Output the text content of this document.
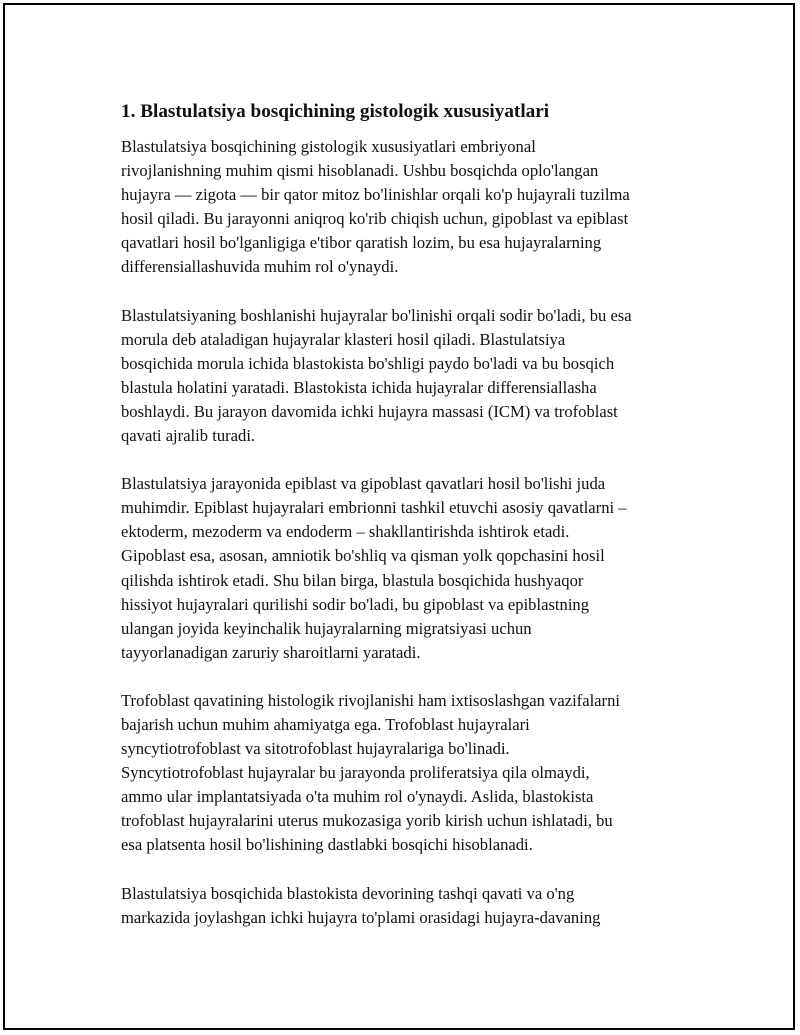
1. Blastulatsiya bosqichining gistologik xususiyatlari

Blastulatsiya bosqichining gistologik xususiyatlari embriyonal
rivojlanishning muhim qismi hisoblanadi. Ushbu bosqichda oplo'langan
hujayra — zigota — bir qator mitoz bo'linishlar orqali ko'p hujayrali tuzilma
hosil qiladi. Bu jarayonni aniqroq ko'rib chiqish uchun, gipoblast va epiblast
qavatlari hosil bo'lganligiga e'tibor qaratish lozim, bu esa hujayralarning
differensiallashuvida muhim rol o'ynaydi.

Blastulatsiyaning boshlanishi hujayralar bo'linishi orqali sodir bo'ladi, bu esa
morula deb ataladigan hujayralar klasteri hosil qiladi. Blastulatsiya
bosqichida morula ichida blastokista bo'shligi paydo bo'ladi va bu bosqich
blastula holatini yaratadi. Blastokista ichida hujayralar differensiallasha
boshlaydi. Bu jarayon davomida ichki hujayra massasi (ICM) va trofoblast
qavati ajralib turadi.

Blastulatsiya jarayonida epiblast va gipoblast qavatlari hosil bo'lishi juda
muhimdir. Epiblast hujayralari embrionni tashkil etuvchi asosiy qavatlarni –
ektoderm, mezoderm va endoderm – shakllantirishda ishtirok etadi.
Gipoblast esa, asosan, amniotik bo'shliq va qisman yolk qopchasini hosil
qilishda ishtirok etadi. Shu bilan birga, blastula bosqichida hushyaqor
hissiyot hujayralari qurilishi sodir bo'ladi, bu gipoblast va epiblastning
ulangan joyida keyinchalik hujayralarning migratsiyasi uchun
tayyorlanadigan zaruriy sharoitlarni yaratadi.

Trofoblast qavatining histologik rivojlanishi ham ixtisoslashgan vazifalarni
bajarish uchun muhim ahamiyatga ega. Trofoblast hujayralari
syncytiotrofoblast va sitotrofoblast hujayralariga bo'linadi.
Syncytiotrofoblast hujayralar bu jarayonda proliferatsiya qila olmaydi,
ammo ular implantatsiyada o'ta muhim rol o'ynaydi. Aslida, blastokista
trofoblast hujayralarini uterus mukozasiga yorib kirish uchun ishlatadi, bu
esa platsenta hosil bo'lishining dastlabki bosqichi hisoblanadi.

Blastulatsiya bosqichida blastokista devorining tashqi qavati va o'ng
markazida joylashgan ichki hujayra to'plami orasidagi hujayra-davaning
